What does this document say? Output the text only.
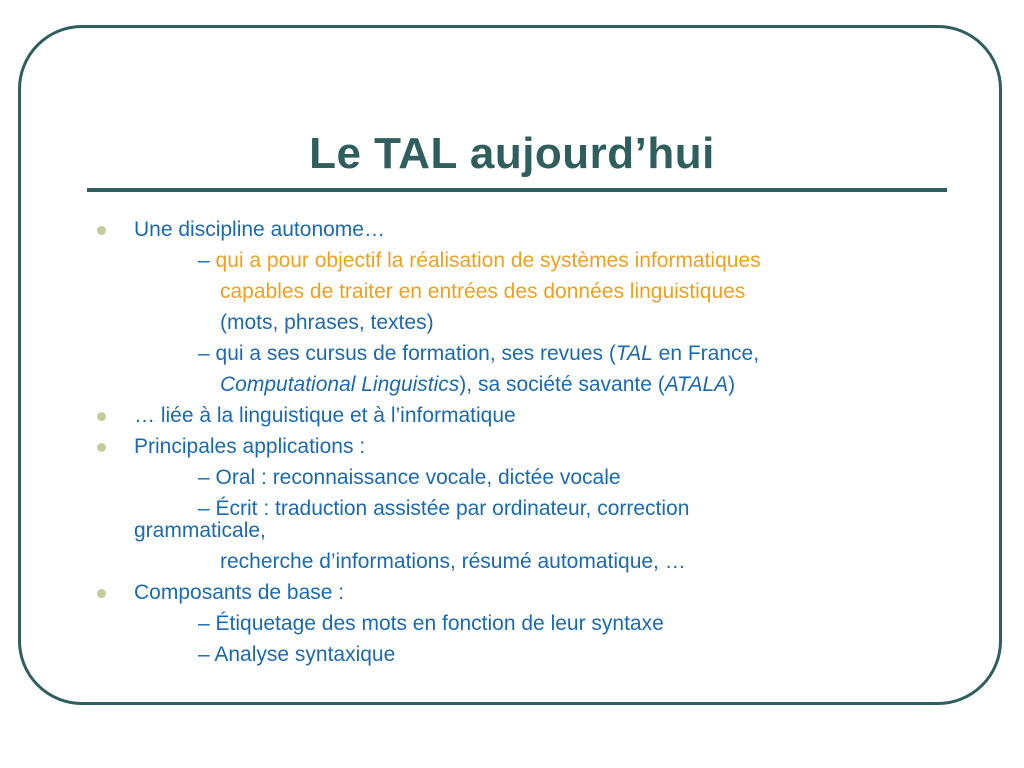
Le TAL aujourd’hui
Une discipline autonome…
– qui a pour objectif la réalisation de systèmes informatiques
capables de traiter en entrées des données linguistiques
(mots, phrases, textes)
– qui a ses cursus de formation, ses revues (TAL en France,
Computational Linguistics), sa société savante (ATALA)
… liée à la linguistique et à l’informatique
Principales applications :
– Oral : reconnaissance vocale, dictée vocale
– Écrit : traduction assistée par ordinateur, correction
grammaticale,
recherche d’informations, résumé automatique, …
Composants de base :
– Étiquetage des mots en fonction de leur syntaxe
– Analyse syntaxique
